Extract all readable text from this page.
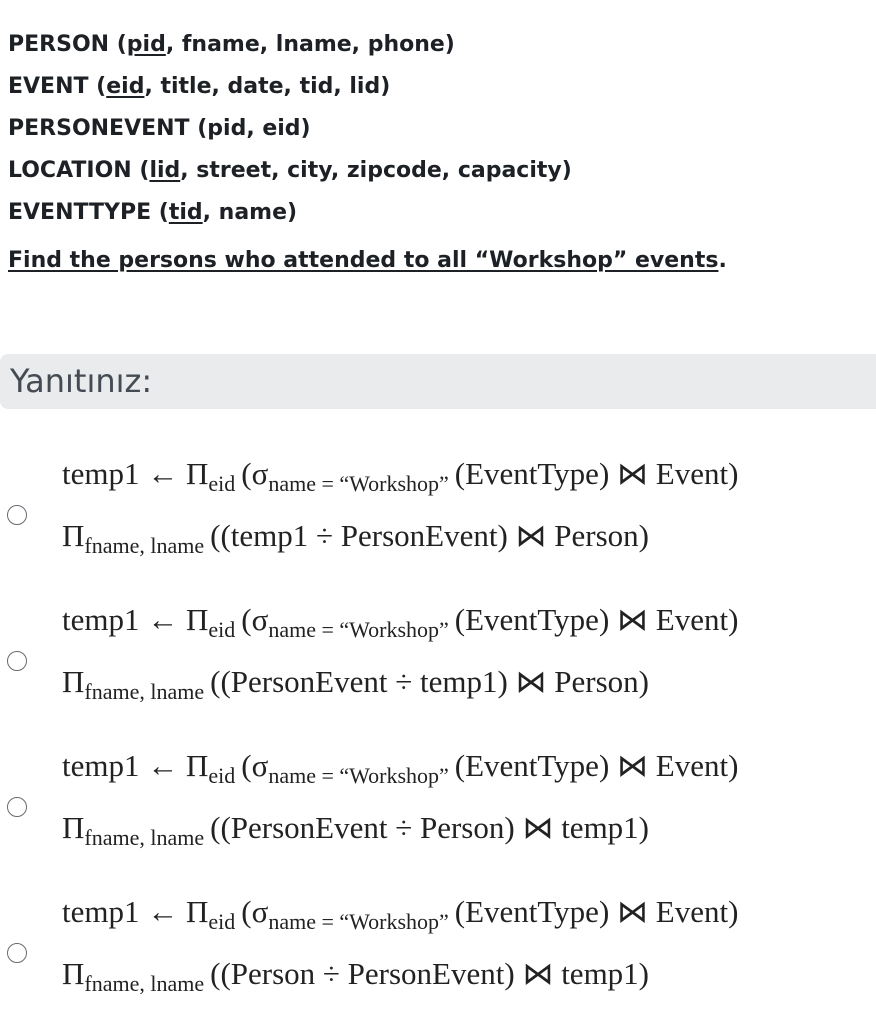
PERSON (pid, fname, lname, phone)
EVENT (eid, title, date, tid, lid)
PERSONEVENT (pid, eid)
LOCATION (lid, street, city, zipcode, capacity)
EVENTTYPE (tid, name)
Find the persons who attended to all “Workshop” events.
Yanıtınız:
temp1 ← $\Pi_{eid}$ ($\sigma_{name = “Workshop”}$ (EventType) ⋈ Event)
$\Pi_{fname, lname}$ ((temp1 ÷ PersonEvent) ⋈ Person)
temp1 ← $\Pi_{eid}$ ($\sigma_{name = “Workshop”}$ (EventType) ⋈ Event)
$\Pi_{fname, lname}$ ((PersonEvent ÷ temp1) ⋈ Person)
temp1 ← $\Pi_{eid}$ ($\sigma_{name = “Workshop”}$ (EventType) ⋈ Event)
$\Pi_{fname, lname}$ ((PersonEvent ÷ Person) ⋈ temp1)
temp1 ← $\Pi_{eid}$ ($\sigma_{name = “Workshop”}$ (EventType) ⋈ Event)
$\Pi_{fname, lname}$ ((Person ÷ PersonEvent) ⋈ temp1)
